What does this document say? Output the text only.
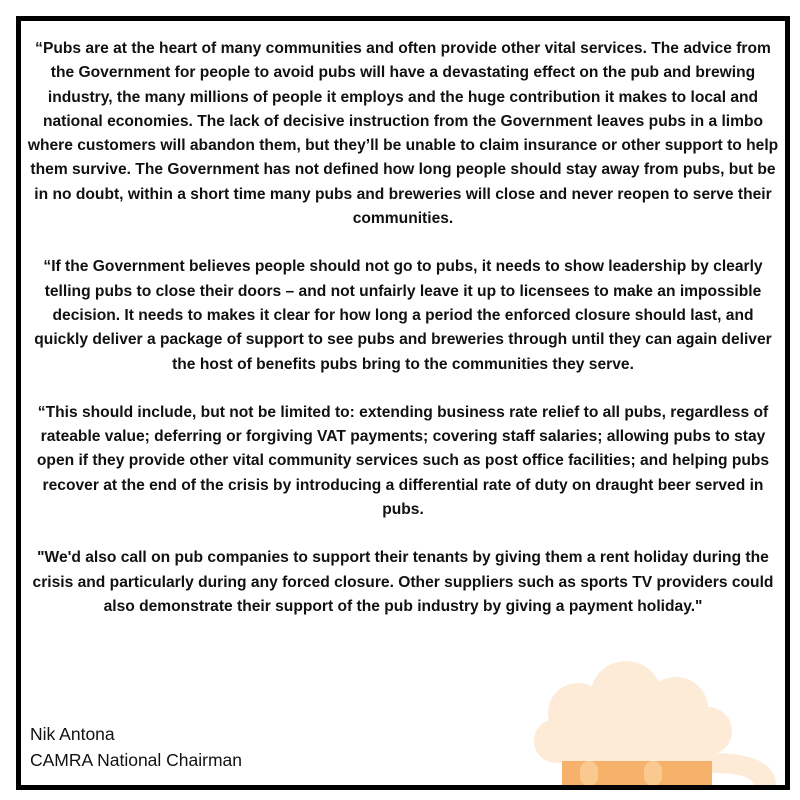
“Pubs are at the heart of many communities and often provide other vital services. The advice from the Government for people to avoid pubs will have a devastating effect on the pub and brewing industry, the many millions of people it employs and the huge contribution it makes to local and national economies. The lack of decisive instruction from the Government leaves pubs in a limbo where customers will abandon them, but they’ll be unable to claim insurance or other support to help them survive. The Government has not defined how long people should stay away from pubs, but be in no doubt, within a short time many pubs and breweries will close and never reopen to serve their communities.

“If the Government believes people should not go to pubs, it needs to show leadership by clearly telling pubs to close their doors – and not unfairly leave it up to licensees to make an impossible decision. It needs to makes it clear for how long a period the enforced closure should last, and quickly deliver a package of support to see pubs and breweries through until they can again deliver the host of benefits pubs bring to the communities they serve.

“This should include, but not be limited to: extending business rate relief to all pubs, regardless of rateable value; deferring or forgiving VAT payments; covering staff salaries; allowing pubs to stay open if they provide other vital community services such as post office facilities; and helping pubs recover at the end of the crisis by introducing a differential rate of duty on draught beer served in pubs.

"We'd also call on pub companies to support their tenants by giving them a rent holiday during the crisis and particularly during any forced closure. Other suppliers such as sports TV providers could also demonstrate their support of the pub industry by giving a payment holiday."

Nik Antona
CAMRA National Chairman
